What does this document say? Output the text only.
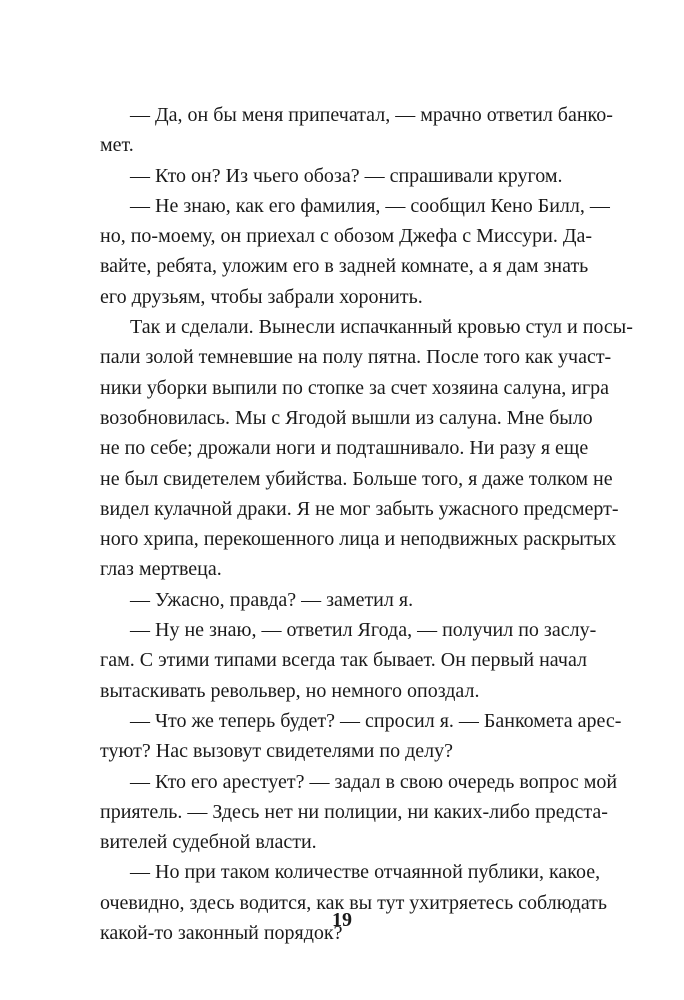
— Да, он бы меня припечатал, — мрачно ответил банко-
мет.
— Кто он? Из чьего обоза? — спрашивали кругом.
— Не знаю, как его фамилия, — сообщил Кено Билл, —
но, по-моему, он приехал с обозом Джефа с Миссури. Да-
вайте, ребята, уложим его в задней комнате, а я дам знать
его друзьям, чтобы забрали хоронить.
Так и сделали. Вынесли испачканный кровью стул и посы-
пали золой темневшие на полу пятна. После того как участ-
ники уборки выпили по стопке за счет хозяина салуна, игра
возобновилась. Мы с Ягодой вышли из салуна. Мне было
не по себе; дрожали ноги и подташнивало. Ни разу я еще
не был свидетелем убийства. Больше того, я даже толком не
видел кулачной драки. Я не мог забыть ужасного предсмерт-
ного хрипа, перекошенного лица и неподвижных раскрытых
глаз мертвеца.
— Ужасно, правда? — заметил я.
— Ну не знаю, — ответил Ягода, — получил по заслу-
гам. С этими типами всегда так бывает. Он первый начал
вытаскивать револьвер, но немного опоздал.
— Что же теперь будет? — спросил я. — Банкомета арес-
туют? Нас вызовут свидетелями по делу?
— Кто его арестует? — задал в свою очередь вопрос мой
приятель. — Здесь нет ни полиции, ни каких-либо предста-
вителей судебной власти.
— Но при таком количестве отчаянной публики, какое,
очевидно, здесь водится, как вы тут ухитряетесь соблюдать
какой-то законный порядок?
19
